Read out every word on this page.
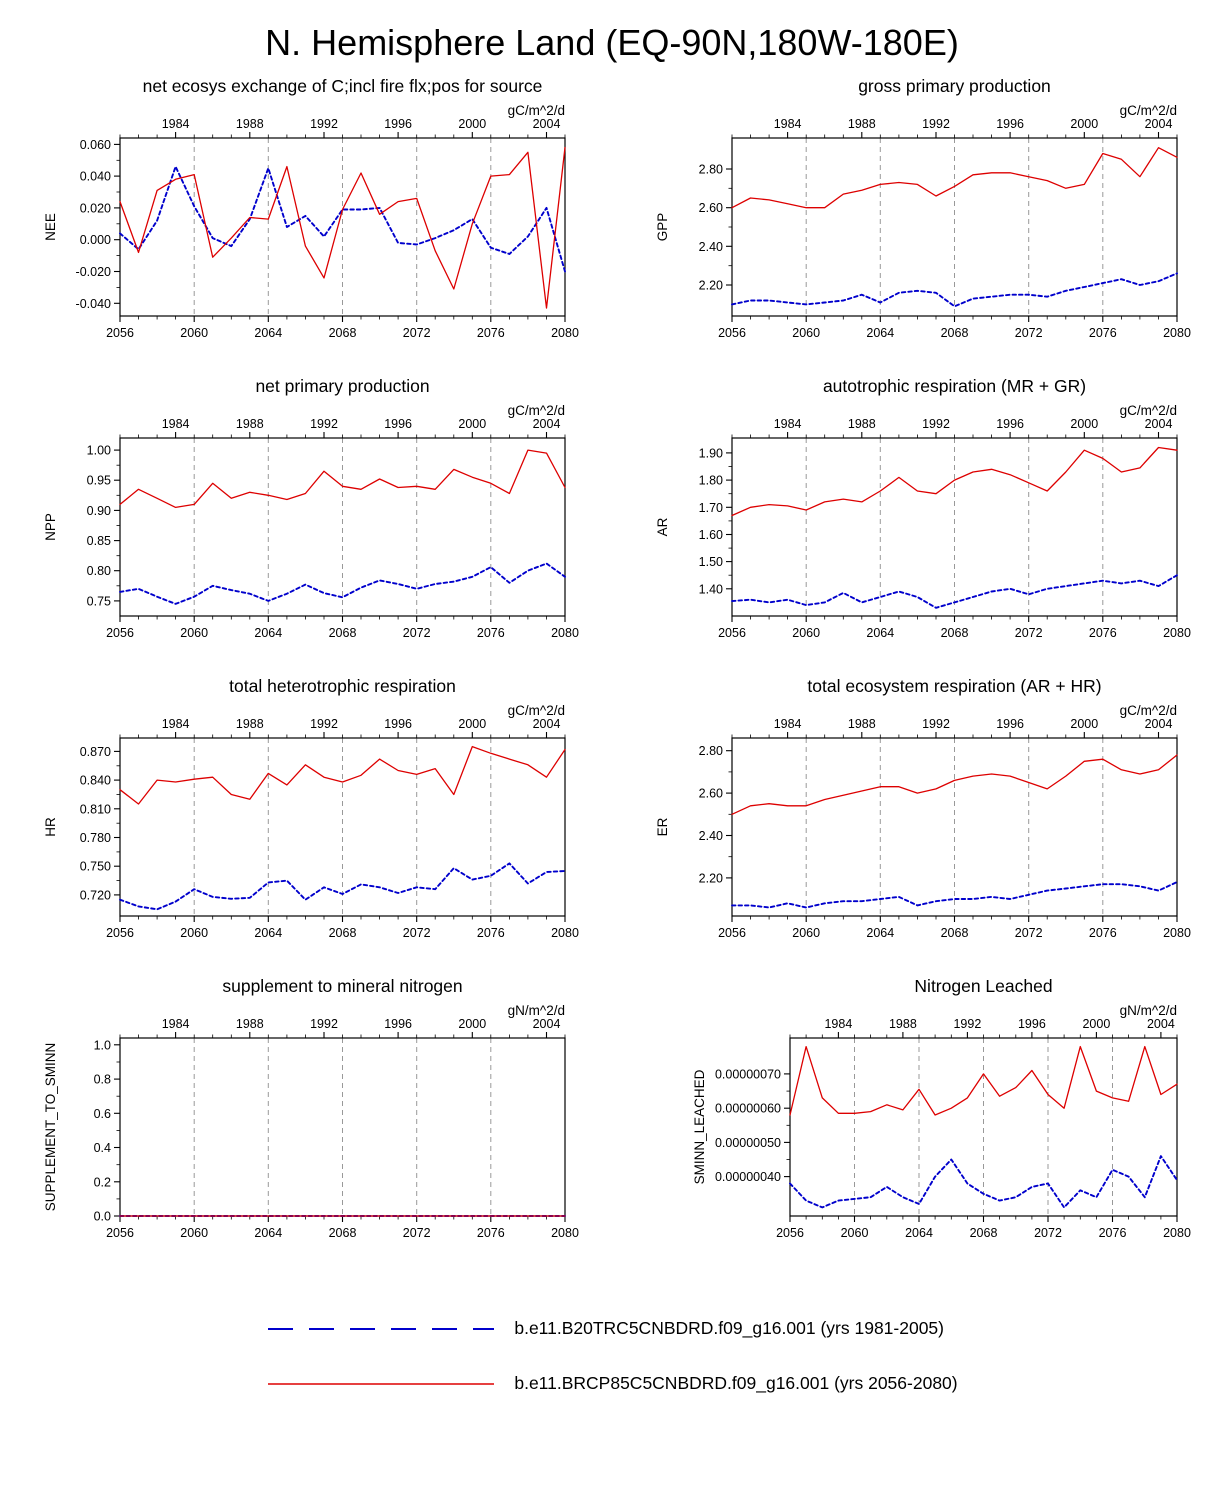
N. Hemisphere Land (EQ-90N,180W-180E)
net ecosys exchange of C;incl fire flx;pos for source
gC/m^2/d
2056	2060	2064	2068	2072	2076	2080
1984	1988	1992	1996	2000	2004
-0.040
-0.020
0.000
0.020
0.040
0.060
NEE
gross primary production
gC/m^2/d
2056	2060	2064	2068	2072	2076	2080
1984	1988	1992	1996	2000	2004
2.20
2.40
2.60
2.80
GPP
net primary production
gC/m^2/d
2056	2060	2064	2068	2072	2076	2080
1984	1988	1992	1996	2000	2004
0.75
0.80
0.85
0.90
0.95
1.00
NPP
autotrophic respiration (MR + GR)
gC/m^2/d
2056	2060	2064	2068	2072	2076	2080
1984	1988	1992	1996	2000	2004
1.40
1.50
1.60
1.70
1.80
1.90
AR
total heterotrophic respiration
gC/m^2/d
2056	2060	2064	2068	2072	2076	2080
1984	1988	1992	1996	2000	2004
0.720
0.750
0.780
0.810
0.840
0.870
HR
total ecosystem respiration (AR + HR)
gC/m^2/d
2056	2060	2064	2068	2072	2076	2080
1984	1988	1992	1996	2000	2004
2.20
2.40
2.60
2.80
ER
supplement to mineral nitrogen
gN/m^2/d
2056	2060	2064	2068	2072	2076	2080
1984	1988	1992	1996	2000	2004
0.0
0.2
0.4
0.6
0.8
1.0
SUPPLEMENT_TO_SMINN
Nitrogen Leached
gN/m^2/d
2056	2060	2064	2068	2072	2076	2080
1984	1988	1992	1996	2000	2004
0.00000040
0.00000050
0.00000060
0.00000070
SMINN_LEACHED
b.e11.B20TRC5CNBDRD.f09_g16.001 (yrs 1981-2005)
b.e11.BRCP85C5CNBDRD.f09_g16.001 (yrs 2056-2080)
